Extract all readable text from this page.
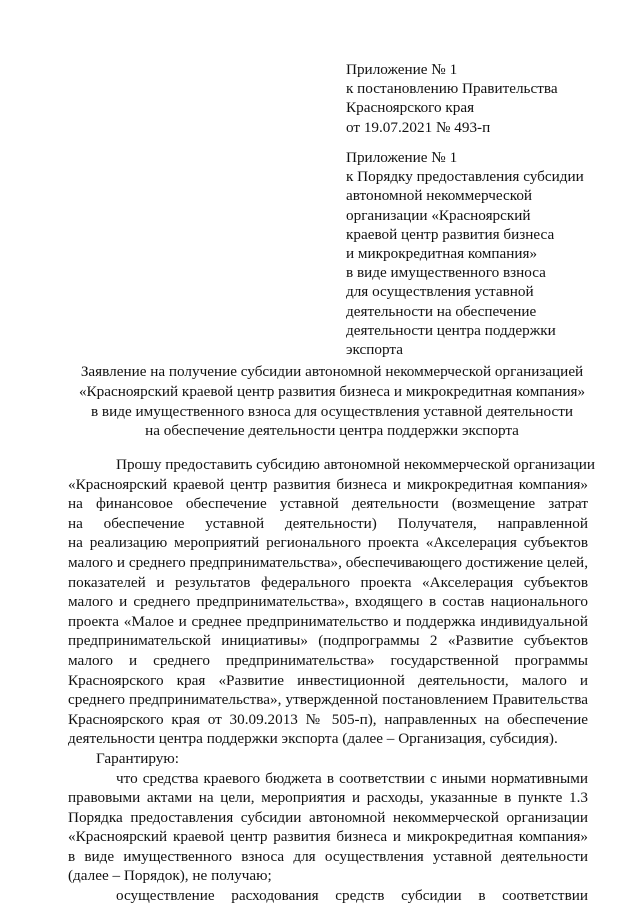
Приложение № 1
к постановлению Правительства
Красноярского края
от 19.07.2021 № 493-п
Приложение № 1
к Порядку предоставления субсидии
автономной некоммерческой
организации «Красноярский
краевой центр развития бизнеса
и микрокредитная компания»
в виде имущественного взноса
для осуществления уставной
деятельности на обеспечение
деятельности центра поддержки
экспорта
Заявление на получение субсидии автономной некоммерческой организацией
«Красноярский краевой центр развития бизнеса и микрокредитная компания»
в виде имущественного взноса для осуществления уставной деятельности
на обеспечение деятельности центра поддержки экспорта
Прошу предоставить субсидию автономной некоммерческой организации
«Красноярский краевой центр развития бизнеса и микрокредитная компания»
на финансовое обеспечение уставной деятельности (возмещение затрат
на обеспечение уставной деятельности) Получателя, направленной
на реализацию мероприятий регионального проекта «Акселерация субъектов
малого и среднего предпринимательства», обеспечивающего достижение целей,
показателей и результатов федерального проекта «Акселерация субъектов
малого и среднего предпринимательства», входящего в состав национального
проекта «Малое и среднее предпринимательство и поддержка индивидуальной
предпринимательской инициативы» (подпрограммы 2 «Развитие субъектов
малого и среднего предпринимательства» государственной программы
Красноярского края «Развитие инвестиционной деятельности, малого и
среднего предпринимательства», утвержденной постановлением Правительства
Красноярского края от 30.09.2013 № 505-п), направленных на обеспечение
деятельности центра поддержки экспорта (далее – Организация, субсидия).
Гарантирую:
что средства краевого бюджета в соответствии с иными нормативными
правовыми актами на цели, мероприятия и расходы, указанные в пункте 1.3
Порядка предоставления субсидии автономной некоммерческой организации
«Красноярский краевой центр развития бизнеса и микрокредитная компания»
в виде имущественного взноса для осуществления уставной деятельности
(далее – Порядок), не получаю;
осуществление расходования средств субсидии в соответствии
